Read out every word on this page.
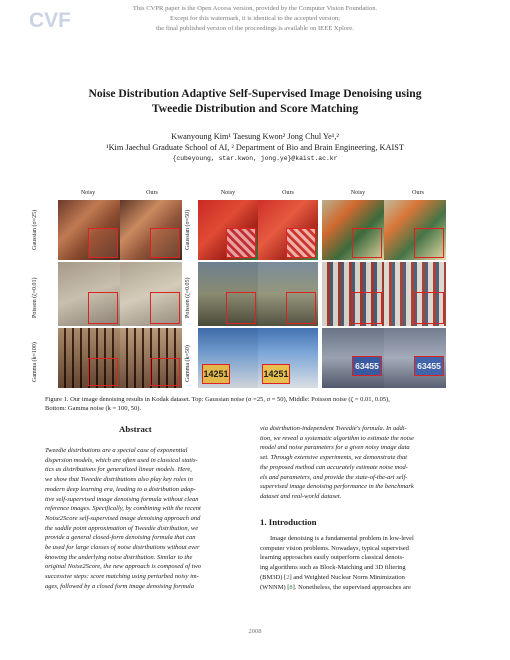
CVF
This CVPR paper is the Open Access version, provided by the Computer Vision Foundation.
Except for this watermark, it is identical to the accepted version;
the final published version of the proceedings is available on IEEE Xplore.
Noise Distribution Adaptive Self-Supervised Image Denoising using
Tweedie Distribution and Score Matching
Kwanyoung Kim¹ Taesung Kwon² Jong Chul Ye¹,²
¹Kim Jaechul Graduate School of AI, ² Department of Bio and Brain Engineering, KAIST
{cubeyoung, star.kwon, jong.ye}@kaist.ac.kr
Noisy	Ours	Noisy	Ours	Noisy	Ours
Gaussian (σ=25)
Poisson (ζ=0.01)
Gamma (k=100)
Gaussian (σ=50)
Poisson (ζ=0.05)
Gamma (k=50) 14251	14251
63455	63455
Figure 1. Our image denoising results in Kodak dataset. Top: Gaussian noise (σ =25, σ = 50), Middle: Poisson noise (ζ = 0.01, 0.05),
Bottom: Gamma noise (k = 100, 50).
Abstract
Tweedie distributions are a special case of exponential
dispersion models, which are often used in classical statis-
tics as distributions for generalized linear models. Here,
we show that Tweedie distributions also play key roles in
modern deep learning era, leading to a distribution adap-
tive self-supervised image denoising formula without clean
reference images. Specifically, by combining with the recent
Noise2Score self-supervised image denoising approach and
the saddle point approximation of Tweedie distribution, we
provide a general closed-form denoising formula that can
be used for large classes of noise distributions without ever
knowing the underlying noise distribution. Similar to the
original Noise2Score, the new approach is composed of two
successive steps: score matching using perturbed noisy im-
ages, followed by a closed form image denoising formula
via distribution-independent Tweedie's formula. In addi-
tion, we reveal a systematic algorithm to estimate the noise
model and noise parameters for a given noisy image data
set. Through extensive experiments, we demonstrate that
the proposed method can accurately estimate noise mod-
els and parameters, and provide the state-of-the-art self-
supervised image denoising performance in the benchmark
dataset and real-world dataset.
1. Introduction
Image denoising is a fundamental problem in low-level
computer vision problems. Nowadays, typical supervised
learning approaches easily outperform classical denois-
ing algorithms such as Block-Matching and 3D filtering
(BM3D) [2] and Weighted Nuclear Norm Minimization
(WNNM) [8]. Nonetheless, the supervised approaches are
2008
